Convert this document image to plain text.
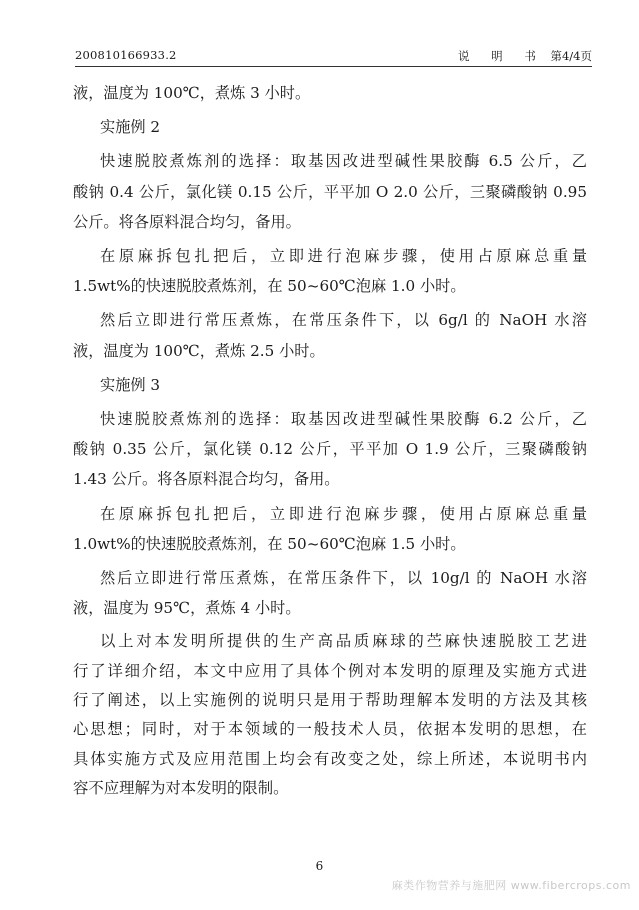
200810166933.2	说 明 书 第4/4页
液，温度为 100℃，煮炼 3 小时。
实施例 2
快速脱胶煮炼剂的选择：取基因改进型碱性果胶酶 6.5 公斤，乙
酸钠 0.4 公斤，氯化镁 0.15 公斤，平平加 O 2.0 公斤，三聚磷酸钠 0.95
公斤。将各原料混合均匀，备用。
在原麻拆包扎把后，立即进行泡麻步骤，使用占原麻总重量
1.5wt%的快速脱胶煮炼剂，在 50~60℃泡麻 1.0 小时。
然后立即进行常压煮炼，在常压条件下，以 6g/l 的 NaOH 水溶
液，温度为 100℃，煮炼 2.5 小时。
实施例 3
快速脱胶煮炼剂的选择：取基因改进型碱性果胶酶 6.2 公斤，乙
酸钠 0.35 公斤，氯化镁 0.12 公斤，平平加 O 1.9 公斤，三聚磷酸钠
1.43 公斤。将各原料混合均匀，备用。
在原麻拆包扎把后，立即进行泡麻步骤，使用占原麻总重量
1.0wt%的快速脱胶煮炼剂，在 50~60℃泡麻 1.5 小时。
然后立即进行常压煮炼，在常压条件下，以 10g/l 的 NaOH 水溶
液，温度为 95℃，煮炼 4 小时。
以上对本发明所提供的生产高品质麻球的苎麻快速脱胶工艺进
行了详细介绍，本文中应用了具体个例对本发明的原理及实施方式进
行了阐述，以上实施例的说明只是用于帮助理解本发明的方法及其核
心思想；同时，对于本领域的一般技术人员，依据本发明的思想，在
具体实施方式及应用范围上均会有改变之处，综上所述，本说明书内
容不应理解为对本发明的限制。
6
麻类作物营养与施肥网 www.fibercrops.com
